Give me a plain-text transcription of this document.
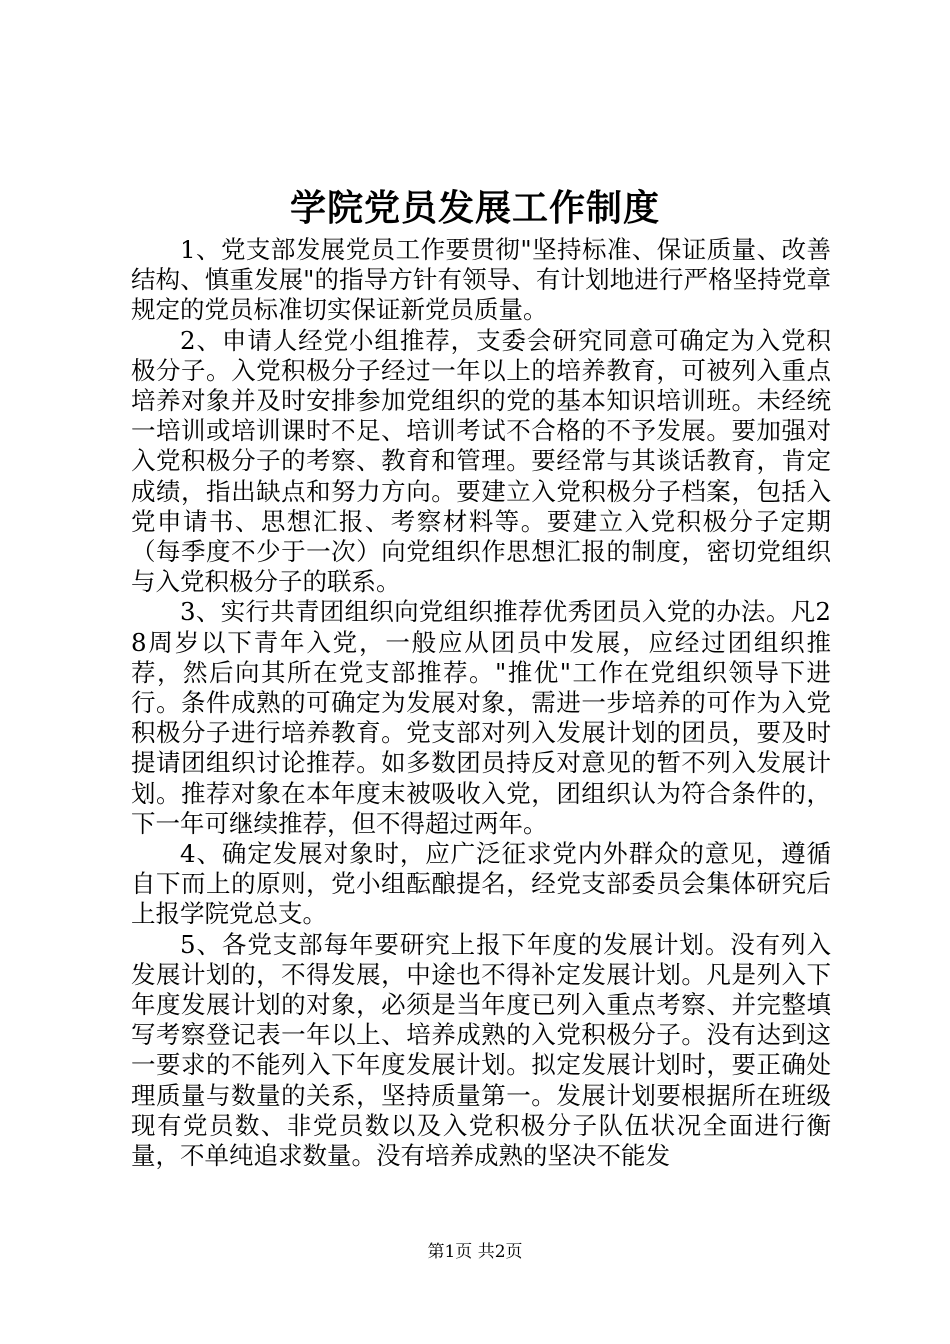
学院党员发展工作制度

1、党支部发展党员工作要贯彻"坚持标准、保证质量、改善结构、慎重发展"的指导方针有领导、有计划地进行严格坚持党章规定的党员标准切实保证新党员质量。

2、申请人经党小组推荐，支委会研究同意可确定为入党积极分子。入党积极分子经过一年以上的培养教育，可被列入重点培养对象并及时安排参加党组织的党的基本知识培训班。未经统一培训或培训课时不足、培训考试不合格的不予发展。要加强对入党积极分子的考察、教育和管理。要经常与其谈话教育，肯定成绩，指出缺点和努力方向。要建立入党积极分子档案，包括入党申请书、思想汇报、考察材料等。要建立入党积极分子定期（每季度不少于一次）向党组织作思想汇报的制度，密切党组织与入党积极分子的联系。

3、实行共青团组织向党组织推荐优秀团员入党的办法。凡28周岁以下青年入党，一般应从团员中发展，应经过团组织推荐，然后向其所在党支部推荐。"推优"工作在党组织领导下进行。条件成熟的可确定为发展对象，需进一步培养的可作为入党积极分子进行培养教育。党支部对列入发展计划的团员，要及时提请团组织讨论推荐。如多数团员持反对意见的暂不列入发展计划。推荐对象在本年度末被吸收入党，团组织认为符合条件的，下一年可继续推荐，但不得超过两年。

4、确定发展对象时，应广泛征求党内外群众的意见，遵循自下而上的原则，党小组酝酿提名，经党支部委员会集体研究后上报学院党总支。

5、各党支部每年要研究上报下年度的发展计划。没有列入发展计划的，不得发展，中途也不得补定发展计划。凡是列入下年度发展计划的对象，必须是当年度已列入重点考察、并完整填写考察登记表一年以上、培养成熟的入党积极分子。没有达到这一要求的不能列入下年度发展计划。拟定发展计划时，要正确处理质量与数量的关系，坚持质量第一。发展计划要根据所在班级现有党员数、非党员数以及入党积极分子队伍状况全面进行衡量，不单纯追求数量。没有培养成熟的坚决不能发

第1页 共2页
